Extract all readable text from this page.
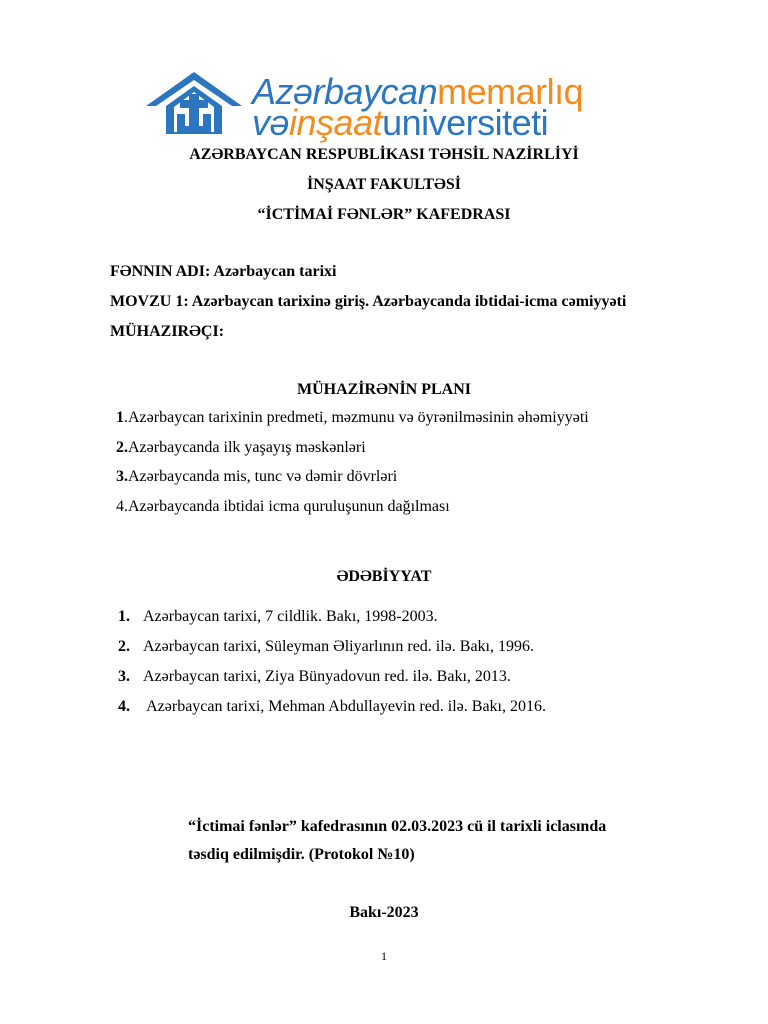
Azərbaycanmemarlıq
vəinşaatuniversiteti
AZƏRBAYCAN RESPUBLİKASI TƏHSİL NAZİRLİYİ
İNŞAAT FAKULTƏSİ
“İCTİMAİ FƏNLƏR” KAFEDRASI
FƏNNIN ADI: Azərbaycan tarixi
MOVZU 1: Azərbaycan tarixinə giriş. Azərbaycanda ibtidai-icma cəmiyyəti
MÜHAZIRƏÇI:
MÜHAZİRƏNİN PLANI
1.Azərbaycan tarixinin predmeti, məzmunu və öyrənilməsinin əhəmiyyəti
2.Azərbaycanda ilk yaşayış məskənləri
3.Azərbaycanda mis, tunc və dəmir dövrləri
4.Azərbaycanda ibtidai icma quruluşunun dağılması
ƏDƏBİYYAT
1. Azərbaycan tarixi, 7 cildlik. Bakı, 1998-2003.
2. Azərbaycan tarixi, Süleyman Əliyarlının red. ilə. Bakı, 1996.
3. Azərbaycan tarixi, Ziya Bünyadovun red. ilə. Bakı, 2013.
4. Azərbaycan tarixi, Mehman Abdullayevin red. ilə. Bakı, 2016.
“İctimai fənlər” kafedrasının 02.03.2023 cü il tarixli iclasında
təsdiq edilmişdir. (Protokol №10)
Bakı-2023
1
